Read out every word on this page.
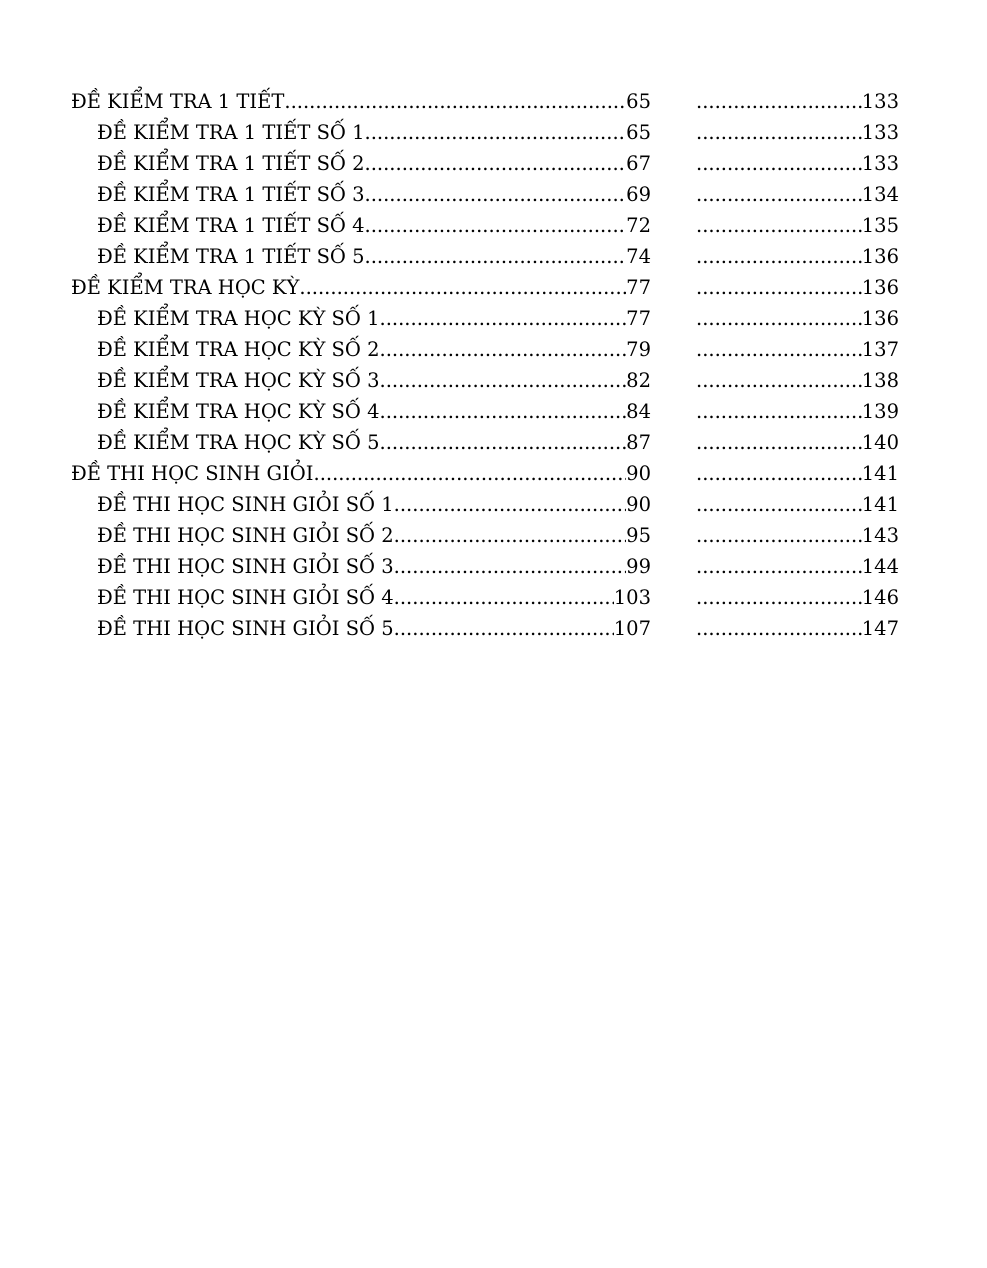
ĐỀ KIỂM TRA 1 TIẾT .....	65 .....	133
ĐỀ KIỂM TRA 1 TIẾT SỐ 1 .....	65 .....	133
ĐỀ KIỂM TRA 1 TIẾT SỐ 2 .....	67 .....	133
ĐỀ KIỂM TRA 1 TIẾT SỐ 3 .....	69 .....	134
ĐỀ KIỂM TRA 1 TIẾT SỐ 4 .....	72 .....	135
ĐỀ KIỂM TRA 1 TIẾT SỐ 5 .....	74 .....	136
ĐỀ KIỂM TRA HỌC KỲ .....	77 .....	136
ĐỀ KIỂM TRA HỌC KỲ SỐ 1 .....	77 .....	136
ĐỀ KIỂM TRA HỌC KỲ SỐ 2 .....	79 .....	137
ĐỀ KIỂM TRA HỌC KỲ SỐ 3 .....	82 .....	138
ĐỀ KIỂM TRA HỌC KỲ SỐ 4 .....	84 .....	139
ĐỀ KIỂM TRA HỌC KỲ SỐ 5 .....	87 .....	140
ĐỀ THI HỌC SINH GIỎI .....	90 .....	141
ĐỀ THI HỌC SINH GIỎI SỐ 1 .....	90 .....	141
ĐỀ THI HỌC SINH GIỎI SỐ 2 .....	95 .....	143
ĐỀ THI HỌC SINH GIỎI SỐ 3 .....	99 .....	144
ĐỀ THI HỌC SINH GIỎI SỐ 4 .....	103 .....	146
ĐỀ THI HỌC SINH GIỎI SỐ 5 .....	107 .....	147
